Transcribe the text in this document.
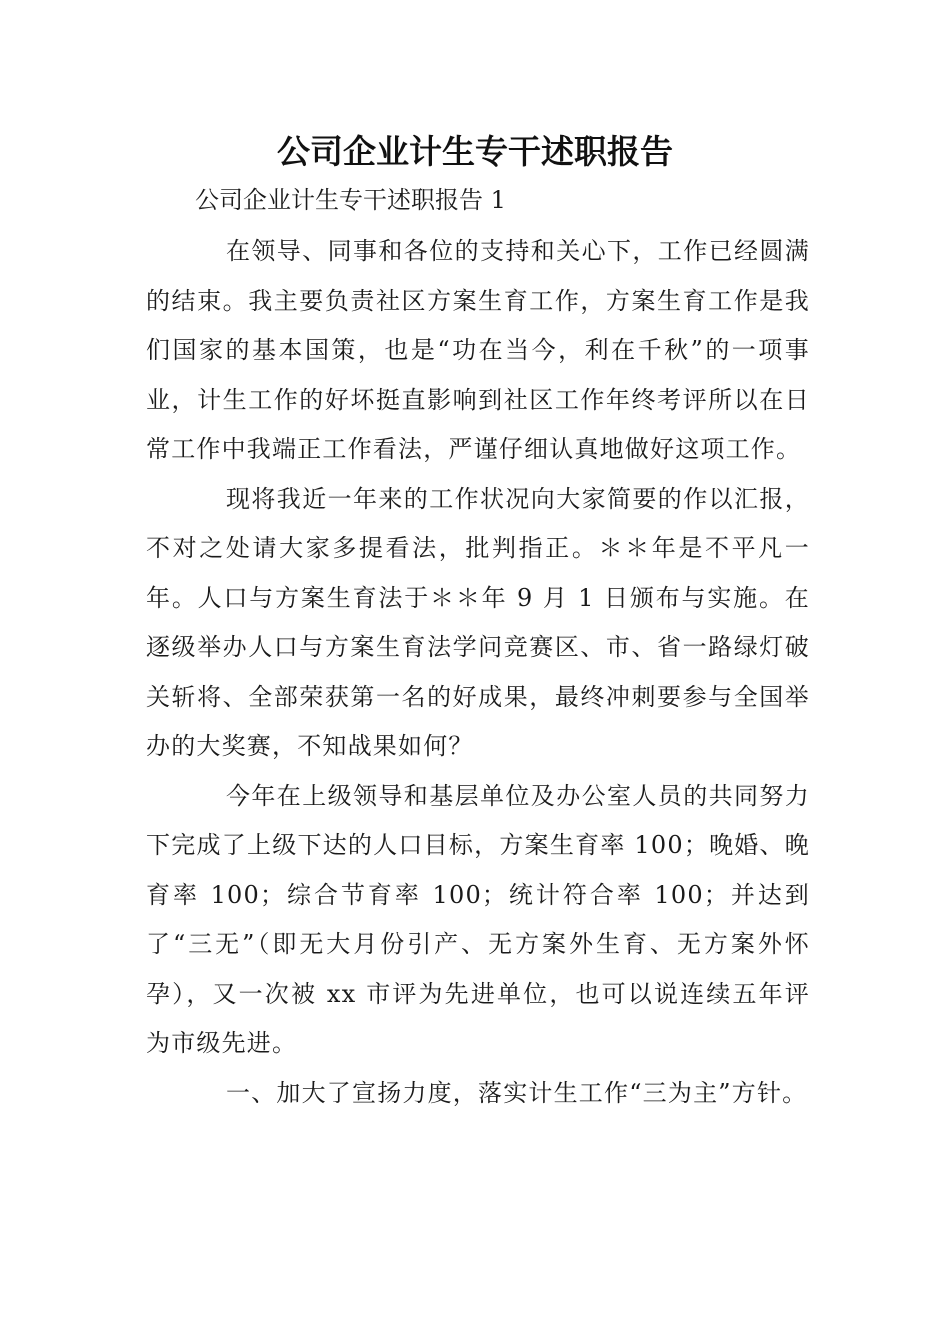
公司企业计生专干述职报告

公司企业计生专干述职报告 1

在领导、同事和各位的支持和关心下，工作已经圆满的结束。我主要负责社区方案生育工作，方案生育工作是我们国家的基本国策，也是“功在当今，利在千秋”的一项事业，计生工作的好坏挺直影响到社区工作年终考评所以在日常工作中我端正工作看法，严谨仔细认真地做好这项工作。

现将我近一年来的工作状况向大家简要的作以汇报，不对之处请大家多提看法，批判指正。＊＊年是不平凡一年。人口与方案生育法于＊＊年 9 月 1 日颁布与实施。在逐级举办人口与方案生育法学问竞赛区、市、省一路绿灯破关斩将、全部荣获第一名的好成果，最终冲刺要参与全国举办的大奖赛，不知战果如何？

今年在上级领导和基层单位及办公室人员的共同努力下完成了上级下达的人口目标，方案生育率 100；晚婚、晚育率 100；综合节育率 100；统计符合率 100；并达到了“三无”（即无大月份引产、无方案外生育、无方案外怀孕），又一次被 xx 市评为先进单位，也可以说连续五年评为市级先进。

一、加大了宣扬力度，落实计生工作“三为主”方针。
